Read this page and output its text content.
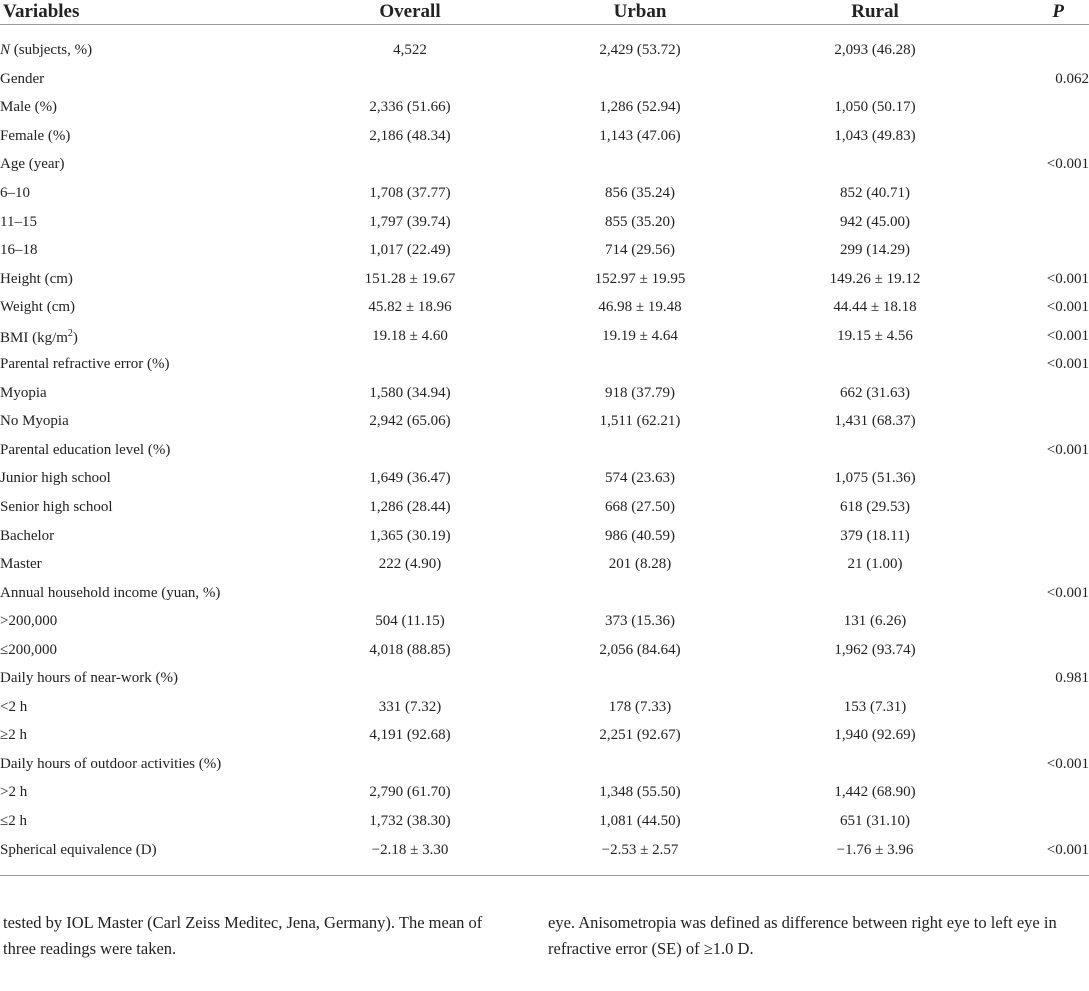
Variables	Overall	Urban	Rural	P

N (subjects, %)	4,522	2,429 (53.72)	2,093 (46.28)	
Gender				0.062
Male (%)	2,336 (51.66)	1,286 (52.94)	1,050 (50.17)	
Female (%)	2,186 (48.34)	1,143 (47.06)	1,043 (49.83)	
Age (year)				<0.001
6–10	1,708 (37.77)	856 (35.24)	852 (40.71)	
11–15	1,797 (39.74)	855 (35.20)	942 (45.00)	
16–18	1,017 (22.49)	714 (29.56)	299 (14.29)	
Height (cm)	151.28 ± 19.67	152.97 ± 19.95	149.26 ± 19.12	<0.001
Weight (cm)	45.82 ± 18.96	46.98 ± 19.48	44.44 ± 18.18	<0.001
BMI $(kg/m^2)$	19.18 ± 4.60	19.19 ± 4.64	19.15 ± 4.56	<0.001
Parental refractive error (%)				<0.001
Myopia	1,580 (34.94)	918 (37.79)	662 (31.63)	
No Myopia	2,942 (65.06)	1,511 (62.21)	1,431 (68.37)	
Parental education level (%)				<0.001
Junior high school	1,649 (36.47)	574 (23.63)	1,075 (51.36)	
Senior high school	1,286 (28.44)	668 (27.50)	618 (29.53)	
Bachelor	1,365 (30.19)	986 (40.59)	379 (18.11)	
Master	222 (4.90)	201 (8.28)	21 (1.00)	
Annual household income (yuan, %)				<0.001
>200,000	504 (11.15)	373 (15.36)	131 (6.26)	
≤200,000	4,018 (88.85)	2,056 (84.64)	1,962 (93.74)	
Daily hours of near-work (%)				0.981
<2 h	331 (7.32)	178 (7.33)	153 (7.31)	
≥2 h	4,191 (92.68)	2,251 (92.67)	1,940 (92.69)	
Daily hours of outdoor activities (%)				<0.001
>2 h	2,790 (61.70)	1,348 (55.50)	1,442 (68.90)	
≤2 h	1,732 (38.30)	1,081 (44.50)	651 (31.10)	
Spherical equivalence (D)	−2.18 ± 3.30	−2.53 ± 2.57	−1.76 ± 3.96	<0.001

tested by IOL Master (Carl Zeiss Meditec, Jena, Germany). The mean of three readings were taken.
eye. Anisometropia was defined as difference between right eye to left eye in refractive error (SE) of ≥1.0 D.
